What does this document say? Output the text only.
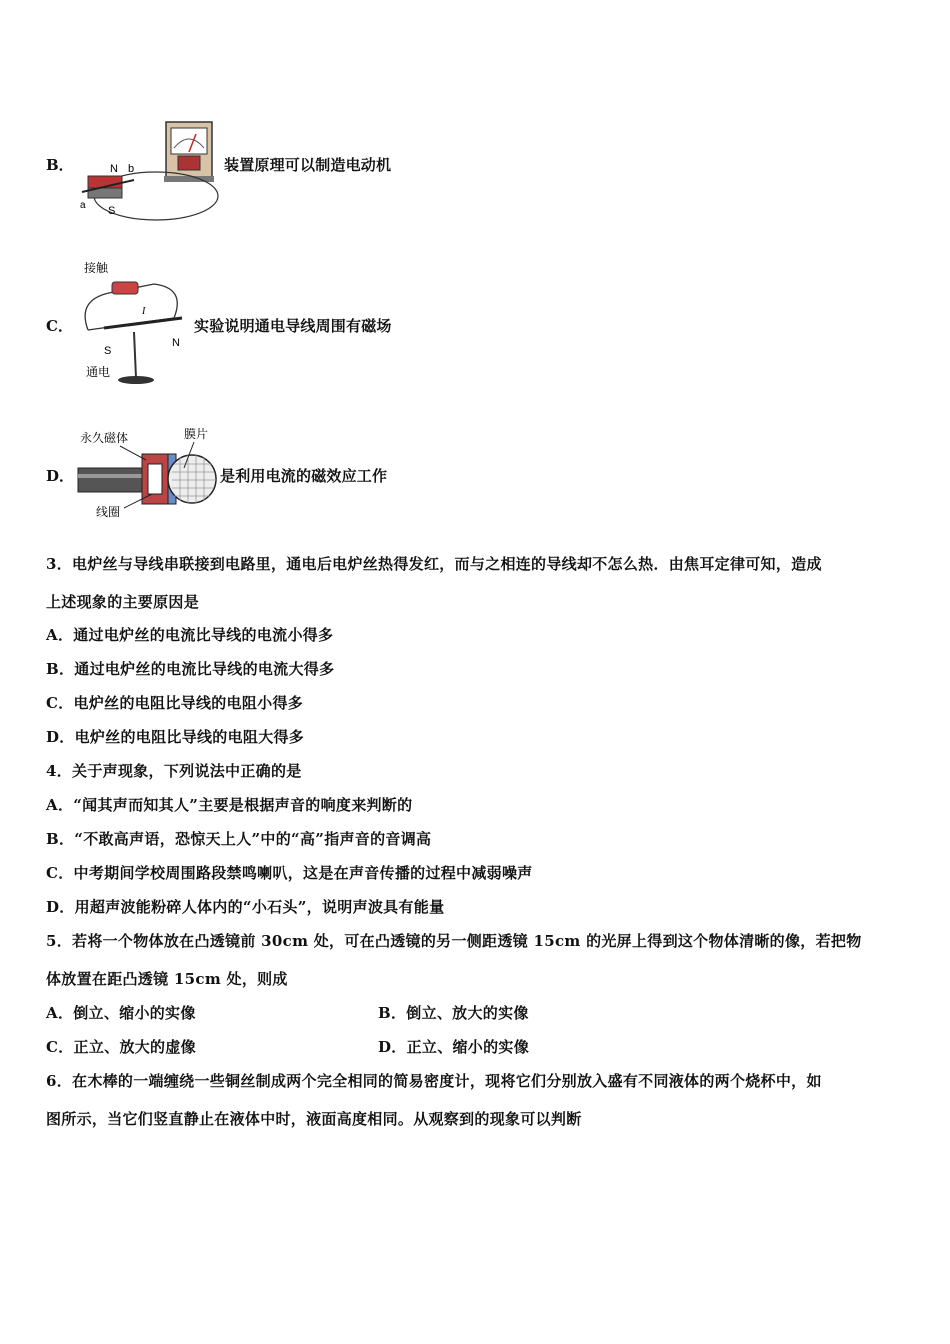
B．	N b
a S
装置原理可以制造电动机
C．
接触
I
S
N
通电
实验说明通电导线周围有磁场
D．
永久磁体	膜片
线圈
是利用电流的磁效应工作
3．电炉丝与导线串联接到电路里，通电后电炉丝热得发红，而与之相连的导线却不怎么热．由焦耳定律可知，造成
上述现象的主要原因是
A．通过电炉丝的电流比导线的电流小得多
B．通过电炉丝的电流比导线的电流大得多
C．电炉丝的电阻比导线的电阻小得多
D．电炉丝的电阻比导线的电阻大得多
4．关于声现象，下列说法中正确的是
A．“闻其声而知其人”主要是根据声音的响度来判断的
B．“不敢高声语，恐惊天上人”中的“高”指声音的音调高
C．中考期间学校周围路段禁鸣喇叭，这是在声音传播的过程中减弱噪声
D．用超声波能粉碎人体内的“小石头”，说明声波具有能量
5．若将一个物体放在凸透镜前 30cm 处，可在凸透镜的另一侧距透镜 15cm 的光屏上得到这个物体清晰的像，若把物
体放置在距凸透镜 15cm 处，则成
A．倒立、缩小的实像	B．倒立、放大的实像
C．正立、放大的虚像	D．正立、缩小的实像
6．在木棒的一端缠绕一些铜丝制成两个完全相同的简易密度计，现将它们分别放入盛有不同液体的两个烧杯中，如
图所示，当它们竖直静止在液体中时，液面高度相同。从观察到的现象可以判断
